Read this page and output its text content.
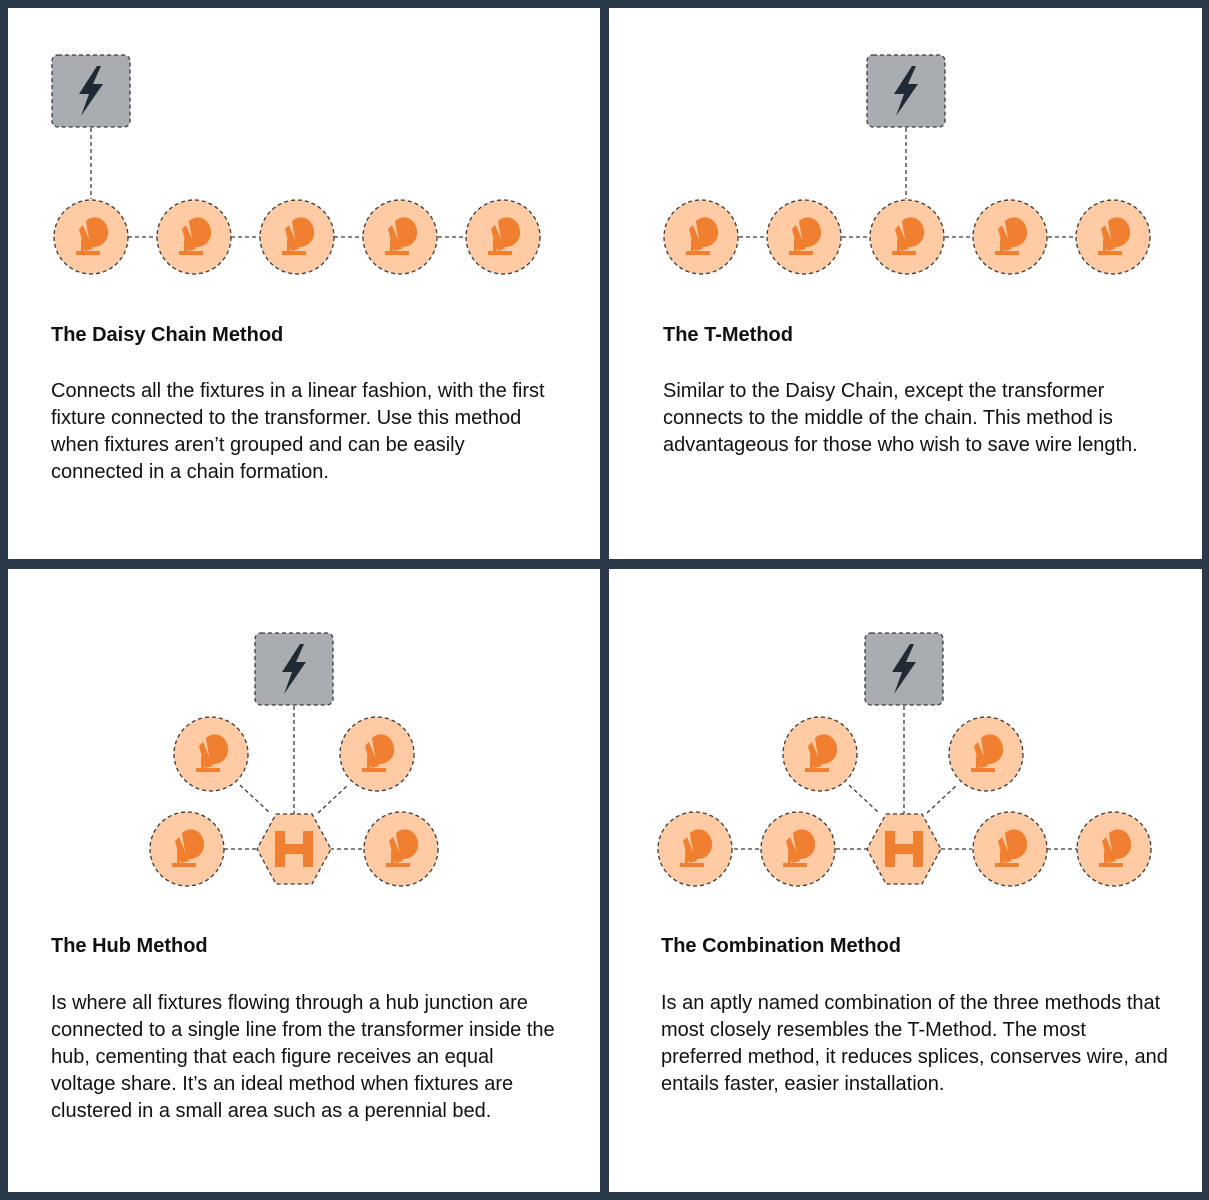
The Daisy Chain Method

Connects all the fixtures in a linear fashion, with the first fixture connected to the transformer. Use this method when fixtures aren’t grouped and can be easily connected in a chain formation.

The T-Method

Similar to the Daisy Chain, except the transformer connects to the middle of the chain. This method is advantageous for those who wish to save wire length.

The Hub Method

Is where all fixtures flowing through a hub junction are connected to a single line from the transformer inside the hub, cementing that each figure receives an equal voltage share. It’s an ideal method when fixtures are clustered in a small area such as a perennial bed.

The Combination Method

Is an aptly named combination of the three methods that most closely resembles the T-Method. The most preferred method, it reduces splices, conserves wire, and entails faster, easier installation.
